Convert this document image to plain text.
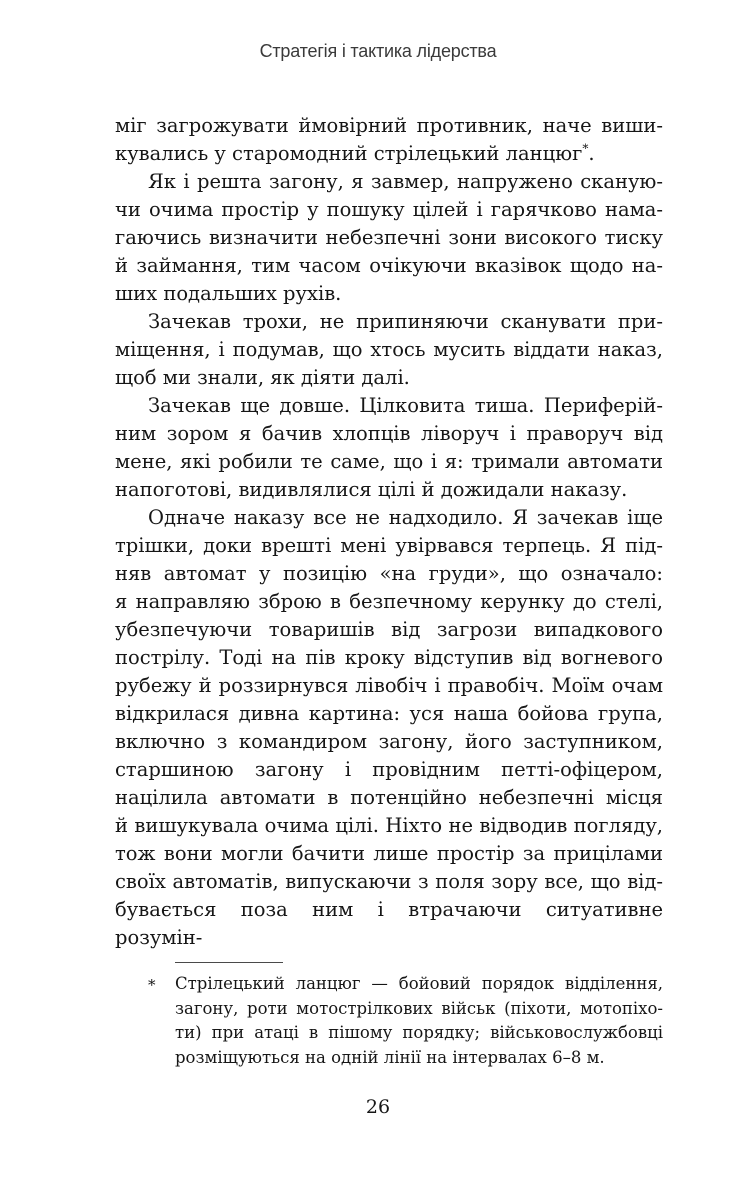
Стратегія і тактика лідерства
міг загрожувати ймовірний противник, наче виши-
кувались у старомодний стрілецький ланцюг*.
Як і решта загону, я завмер, напружено сканую-
чи очима простір у пошуку цілей і гарячково нама-
гаючись визначити небезпечні зони високого тиску
й займання, тим часом очікуючи вказівок щодо на-
ших подальших рухів.
Зачекав трохи, не припиняючи сканувати при-
міщення, і подумав, що хтось мусить віддати наказ,
щоб ми знали, як діяти далі.
Зачекав ще довше. Цілковита тиша. Периферій-
ним зором я бачив хлопців ліворуч і праворуч від
мене, які робили те саме, що і я: тримали автомати
напоготові, видивлялися цілі й дожидали наказу.
Одначе наказу все не надходило. Я зачекав іще
трішки, доки врешті мені увірвався терпець. Я під-
няв автомат у позицію «на груди», що означало:
я направляю зброю в безпечному керунку до стелі,
убезпечуючи товаришів від загрози випадкового
пострілу. Тоді на пів кроку відступив від вогневого
рубежу й роззирнувся лівобіч і правобіч. Моїм очам
відкрилася дивна картина: уся наша бойова група,
включно з командиром загону, його заступником,
старшиною загону і провідним петті-офіцером,
націлила автомати в потенційно небезпечні місця
й вишукувала очима цілі. Ніхто не відводив погляду,
тож вони могли бачити лише простір за прицілами
своїх автоматів, випускаючи з поля зору все, що від-
бувається поза ним і втрачаючи ситуативне розумін-
* Стрілецький ланцюг — бойовий порядок відділення,
загону, роти мотострілкових військ (піхоти, мотопіхо-
ти) при атаці в пішому порядку; військовослужбовці
розміщуються на одній лінії на інтервалах 6–8 м.
26
